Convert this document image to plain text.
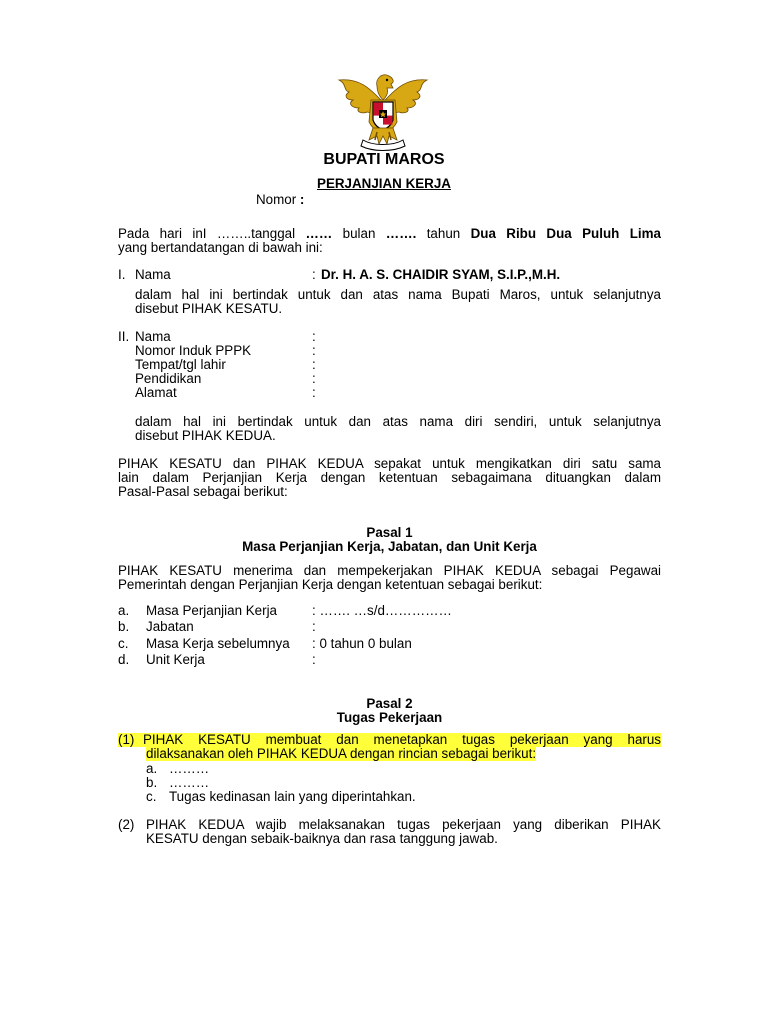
BUPATI MAROS
PERJANJIAN KERJA
Nomor :
Pada hari inI ……..tanggal …… bulan ……. tahun Dua Ribu Dua Puluh Lima
yang bertandatangan di bawah ini:
I. Nama	: Dr. H. A. S. CHAIDIR SYAM, S.I.P.,M.H.
dalam hal ini bertindak untuk dan atas nama Bupati Maros, untuk selanjutnya
disebut PIHAK KESATU.
II. Nama	:
Nomor Induk PPPK	:
Tempat/tgl lahir	:
Pendidikan	:
Alamat	:
dalam hal ini bertindak untuk dan atas nama diri sendiri, untuk selanjutnya
disebut PIHAK KEDUA.
PIHAK KESATU dan PIHAK KEDUA sepakat untuk mengikatkan diri satu sama
lain dalam Perjanjian Kerja dengan ketentuan sebagaimana dituangkan dalam
Pasal-Pasal sebagai berikut:
Pasal 1
Masa Perjanjian Kerja, Jabatan, dan Unit Kerja
PIHAK KESATU menerima dan mempekerjakan PIHAK KEDUA sebagai Pegawai
Pemerintah dengan Perjanjian Kerja dengan ketentuan sebagai berikut:
a. Masa Perjanjian Kerja	: ……. …s/d……………
b. Jabatan	:
c. Masa Kerja sebelumnya : 0 tahun 0 bulan
d. Unit Kerja	:
Pasal 2
Tugas Pekerjaan
(1) PIHAK KESATU membuat dan menetapkan tugas pekerjaan yang harus
dilaksanakan oleh PIHAK KEDUA dengan rincian sebagai berikut:
a. ………
b. ………
c. Tugas kedinasan lain yang diperintahkan.
(2) PIHAK KEDUA wajib melaksanakan tugas pekerjaan yang diberikan PIHAK
KESATU dengan sebaik-baiknya dan rasa tanggung jawab.
